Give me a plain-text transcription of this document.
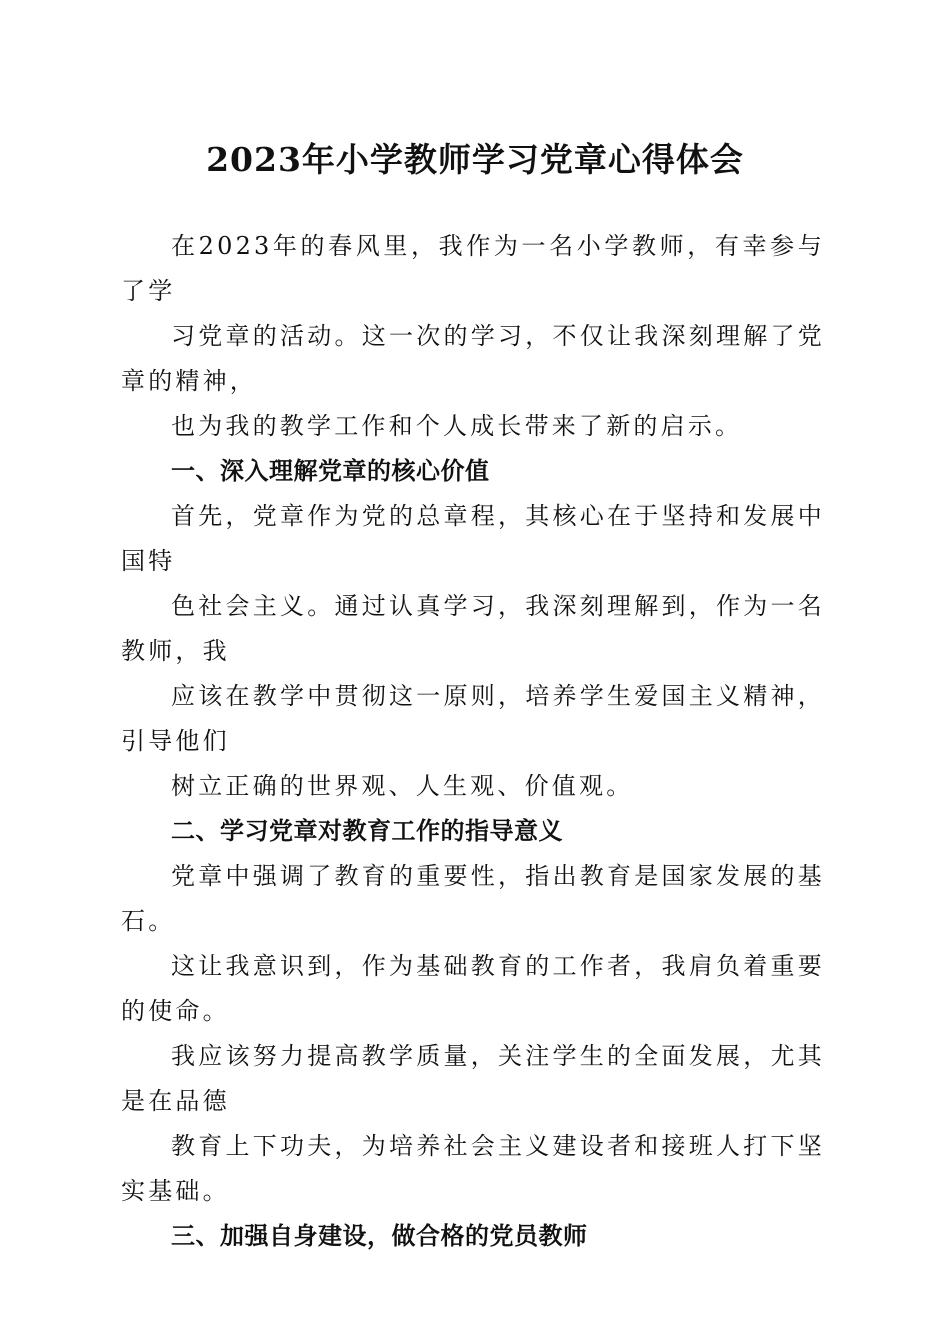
2023年小学教师学习党章心得体会

在2023年的春风里，我作为一名小学教师，有幸参与了学

习党章的活动。这一次的学习，不仅让我深刻理解了党章的精神，

也为我的教学工作和个人成长带来了新的启示。

一、深入理解党章的核心价值

首先，党章作为党的总章程，其核心在于坚持和发展中国特

色社会主义。通过认真学习，我深刻理解到，作为一名教师，我

应该在教学中贯彻这一原则，培养学生爱国主义精神，引导他们

树立正确的世界观、人生观、价值观。

二、学习党章对教育工作的指导意义

党章中强调了教育的重要性，指出教育是国家发展的基石。

这让我意识到，作为基础教育的工作者，我肩负着重要的使命。

我应该努力提高教学质量，关注学生的全面发展，尤其是在品德

教育上下功夫，为培养社会主义建设者和接班人打下坚实基础。

三、加强自身建设，做合格的党员教师
